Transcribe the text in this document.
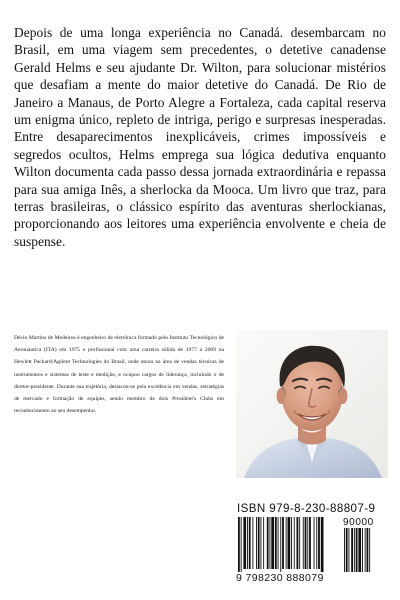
Depois de uma longa experiência no Canadá. desembarcam no Brasil, em uma viagem sem precedentes, o detetive canadense Gerald Helms e seu ajudante Dr. Wilton, para solucionar mistérios que desafiam a mente do maior detetive do Canadá. De Rio de Janeiro a Manaus, de Porto Alegre a Fortaleza, cada capital reserva um enigma único, repleto de intriga, perigo e surpresas inesperadas. Entre desaparecimentos inexplicáveis, crimes impossíveis e segredos ocultos, Helms emprega sua lógica dedutiva enquanto Wilton documenta cada passo dessa jornada extraordinária e repassa para sua amiga Inês, a sherlocka da Mooca. Um livro que traz, para terras brasileiras, o clássico espírito das aventuras sherlockianas, proporcionando aos leitores uma experiência envolvente e cheia de suspense.

Décio Martins de Medeiros é engenheiro de eletrônica formado pelo Instituto Tecnológico de Aeronáutica (ITA) em 1975 e profissional com uma carreira sólida de 1977 a 2009 na Hewlett Packard/Agilent Technologies do Brasil, onde atuou na área de vendas técnicas de instrumentos e sistemas de teste e medição, e ocupou cargos de liderança, incluindo o de diretor-presidente. Durante sua trajetória, destacou-se pela excelência em vendas, estratégias de mercado e formação de equipes, sendo membro de dois President's Clubs em reconhecimento ao seu desempenho.

ISBN 979-8-230-88807-9
90000
9 798230 888079
